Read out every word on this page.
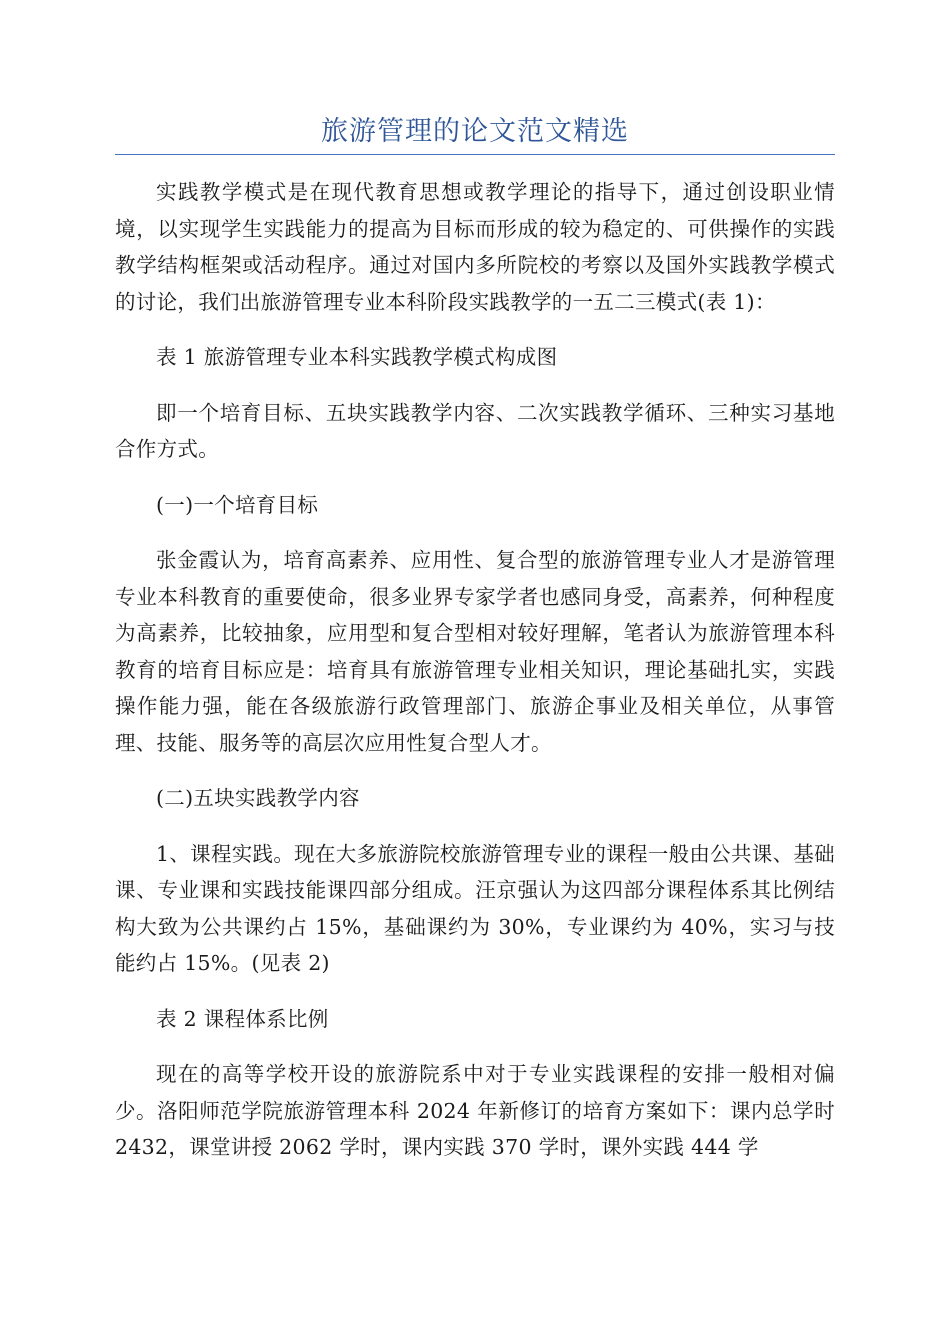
旅游管理的论文范文精选

实践教学模式是在现代教育思想或教学理论的指导下，通过创设职业情境，以实现学生实践能力的提高为目标而形成的较为稳定的、可供操作的实践教学结构框架或活动程序。通过对国内多所院校的考察以及国外实践教学模式的讨论，我们出旅游管理专业本科阶段实践教学的一五二三模式(表 1)：

表 1 旅游管理专业本科实践教学模式构成图

即一个培育目标、五块实践教学内容、二次实践教学循环、三种实习基地合作方式。

(一)一个培育目标

张金霞认为，培育高素养、应用性、复合型的旅游管理专业人才是游管理专业本科教育的重要使命，很多业界专家学者也感同身受，高素养，何种程度为高素养，比较抽象，应用型和复合型相对较好理解，笔者认为旅游管理本科教育的培育目标应是：培育具有旅游管理专业相关知识，理论基础扎实，实践操作能力强，能在各级旅游行政管理部门、旅游企事业及相关单位，从事管理、技能、服务等的高层次应用性复合型人才。

(二)五块实践教学内容

1、课程实践。现在大多旅游院校旅游管理专业的课程一般由公共课、基础课、专业课和实践技能课四部分组成。汪京强认为这四部分课程体系其比例结构大致为公共课约占 15%，基础课约为 30%，专业课约为 40%，实习与技能约占 15%。(见表 2)

表 2 课程体系比例

现在的高等学校开设的旅游院系中对于专业实践课程的安排一般相对偏少。洛阳师范学院旅游管理本科 2024 年新修订的培育方案如下：课内总学时 2432，课堂讲授 2062 学时，课内实践 370 学时，课外实践 444 学
